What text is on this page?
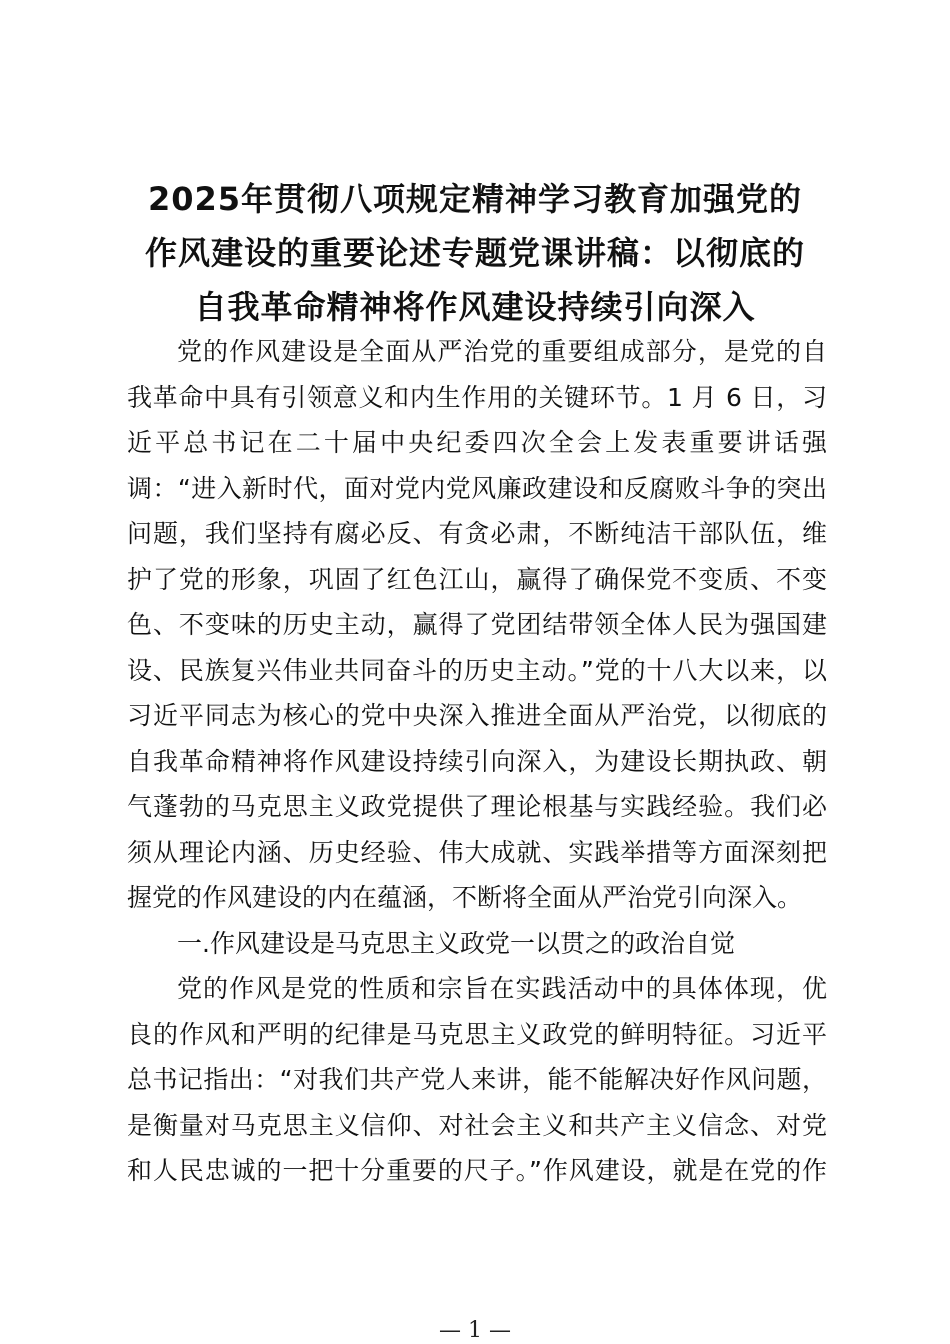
2025年贯彻八项规定精神学习教育加强党的
作风建设的重要论述专题党课讲稿：以彻底的
自我革命精神将作风建设持续引向深入
党的作风建设是全面从严治党的重要组成部分，是党的自
我革命中具有引领意义和内生作用的关键环节。1 月 6 日，习
近平总书记在二十届中央纪委四次全会上发表重要讲话强
调：“进入新时代，面对党内党风廉政建设和反腐败斗争的突出
问题，我们坚持有腐必反、有贪必肃，不断纯洁干部队伍，维
护了党的形象，巩固了红色江山，赢得了确保党不变质、不变
色、不变味的历史主动，赢得了党团结带领全体人民为强国建
设、民族复兴伟业共同奋斗的历史主动。”党的十八大以来，以
习近平同志为核心的党中央深入推进全面从严治党，以彻底的
自我革命精神将作风建设持续引向深入，为建设长期执政、朝
气蓬勃的马克思主义政党提供了理论根基与实践经验。我们必
须从理论内涵、历史经验、伟大成就、实践举措等方面深刻把
握党的作风建设的内在蕴涵，不断将全面从严治党引向深入。
一.作风建设是马克思主义政党一以贯之的政治自觉
党的作风是党的性质和宗旨在实践活动中的具体体现，优
良的作风和严明的纪律是马克思主义政党的鲜明特征。习近平
总书记指出：“对我们共产党人来讲，能不能解决好作风问题，
是衡量对马克思主义信仰、对社会主义和共产主义信念、对党
和人民忠诚的一把十分重要的尺子。”作风建设，就是在党的作
— 1 —
